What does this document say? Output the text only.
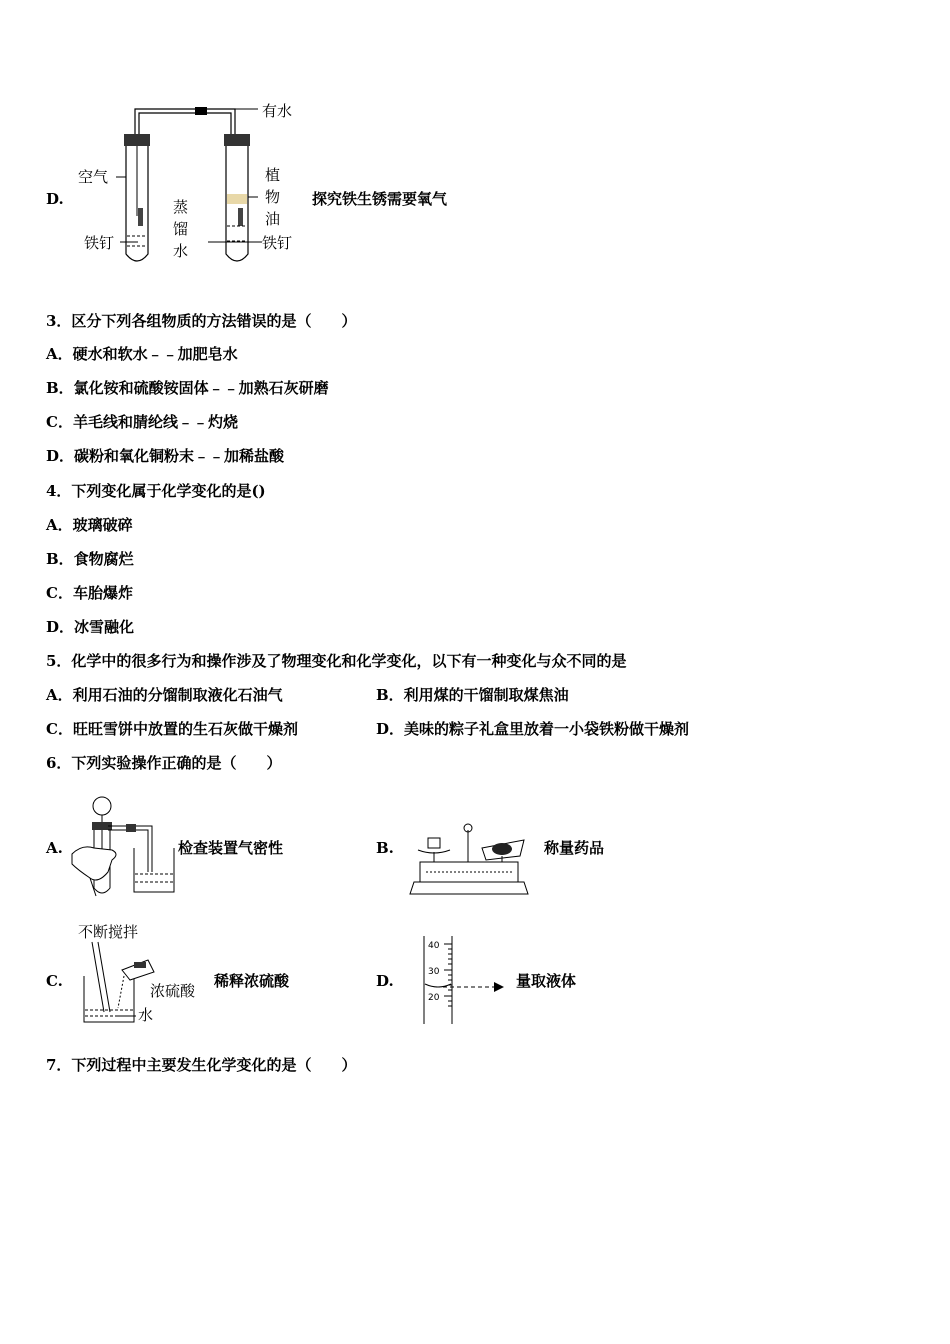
D.
有水
空气
铁钉
蒸
馏
水
植
物
油
铁钉
探究铁生锈需要氧气
3．区分下列各组物质的方法错误的是（　　）
A．硬水和软水﹣﹣加肥皂水
B．氯化铵和硫酸铵固体﹣﹣加熟石灰研磨
C．羊毛线和腈纶线﹣﹣灼烧
D．碳粉和氧化铜粉末﹣﹣加稀盐酸
4．下列变化属于化学变化的是()
A．玻璃破碎
B．食物腐烂
C．车胎爆炸
D．冰雪融化
5．化学中的很多行为和操作涉及了物理变化和化学变化，以下有一种变化与众不同的是
A．利用石油的分馏制取液化石油气	B．利用煤的干馏制取煤焦油
C．旺旺雪饼中放置的生石灰做干燥剂	D．美味的粽子礼盒里放着一小袋铁粉做干燥剂
6．下列实验操作正确的是（　　）
A.	检查装置气密性	B.	称量药品
C.
不断搅拌
浓硫酸
水
稀释浓硫酸	D.
40
30
20
量取液体
7．下列过程中主要发生化学变化的是（　　）
